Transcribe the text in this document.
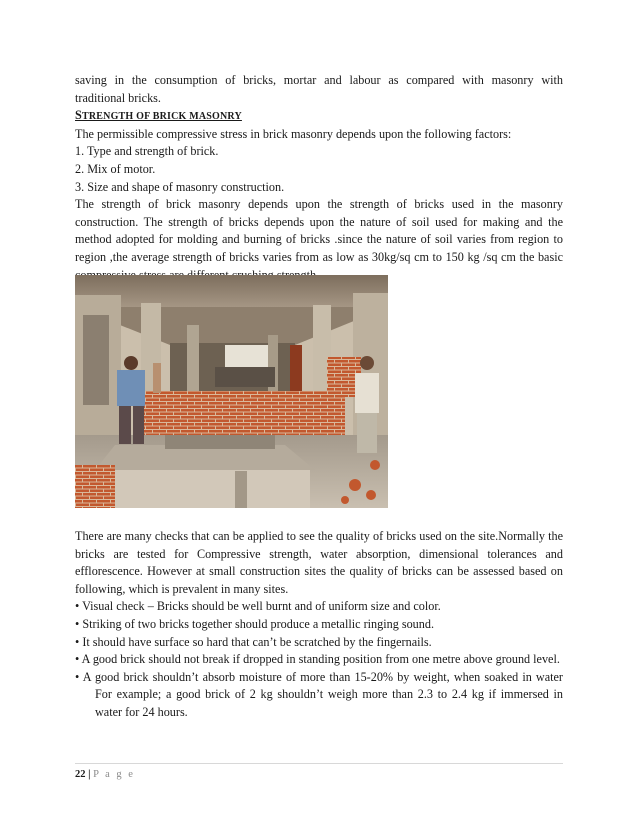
saving in the consumption of bricks, mortar and labour as compared with masonry with

traditional bricks.

STRENGTH OF BRICK MASONRY

The permissible compressive stress in brick masonry depends upon the following factors:

1. Type and strength of brick.

2. Mix of motor.

3. Size and shape of masonry construction.

The strength of brick masonry depends upon the strength of bricks used in the masonry construction. The strength of bricks depends upon the nature of soil used for making and the method adopted for molding and burning of bricks .since the nature of soil varies from region to region ,the average strength of bricks varies from as low as 30kg/sq cm to 150 kg /sq cm the basic

There are many checks that can be applied to see the quality of bricks used on the site.Normally the bricks are tested for Compressive strength, water absorption, dimensional tolerances and efflorescence. However at small construction sites the quality of bricks can be assessed based on following, which is prevalent in many sites.

• Visual check – Bricks should be well burnt and of uniform size and color.

• Striking of two bricks together should produce a metallic ringing sound.

• It should have surface so hard that can’t be scratched by the fingernails.

• A good brick should not break if dropped in standing position from one metre above ground level.

• A good brick shouldn’t absorb moisture of more than 15-20% by weight, when soaked in water For example; a good brick of 2 kg shouldn’t weigh more than 2.3 to 2.4 kg if immersed in water for 24 hours.

22 | P a g e
